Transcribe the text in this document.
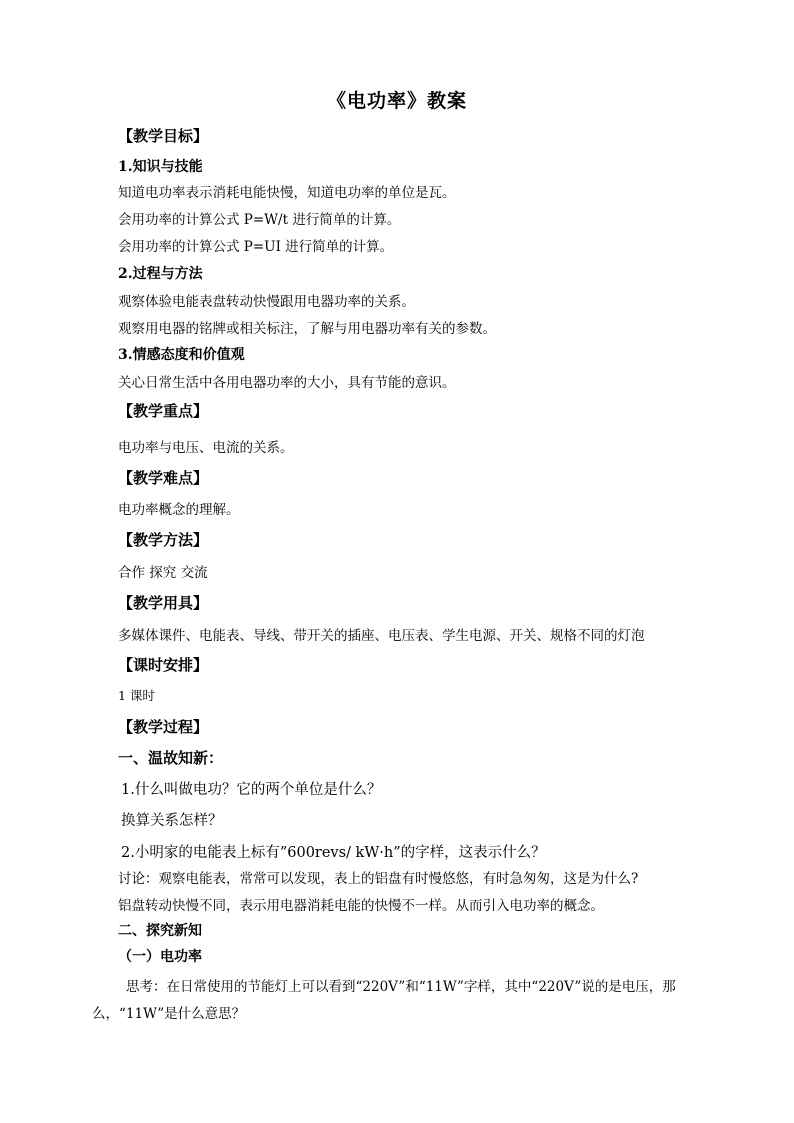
《电功率》教案
【教学目标】
1.知识与技能
知道电功率表示消耗电能快慢，知道电功率的单位是瓦。
会用功率的计算公式 P=W/t 进行简单的计算。
会用功率的计算公式 P=UI 进行简单的计算。
2.过程与方法
观察体验电能表盘转动快慢跟用电器功率的关系。
观察用电器的铭牌或相关标注，了解与用电器功率有关的参数。
3.情感态度和价值观
关心日常生活中各用电器功率的大小，具有节能的意识。
【教学重点】
电功率与电压、电流的关系。
【教学难点】
电功率概念的理解。
【教学方法】
合作 探究 交流
【教学用具】
多媒体课件、电能表、导线、带开关的插座、电压表、学生电源、开关、规格不同的灯泡
【课时安排】
1 课时
【教学过程】
一、温故知新：
1.什么叫做电功？它的两个单位是什么？
换算关系怎样？
2.小明家的电能表上标有”600revs/ kW·h”的字样，这表示什么？
讨论：观察电能表，常常可以发现，表上的铝盘有时慢悠悠，有时急匆匆，这是为什么?
铝盘转动快慢不同，表示用电器消耗电能的快慢不一样。从而引入电功率的概念。
二、探究新知
（一）电功率
思考：在日常使用的节能灯上可以看到“220V”和“11W”字样，其中“220V”说的是电压，那
么，“11W”是什么意思？
